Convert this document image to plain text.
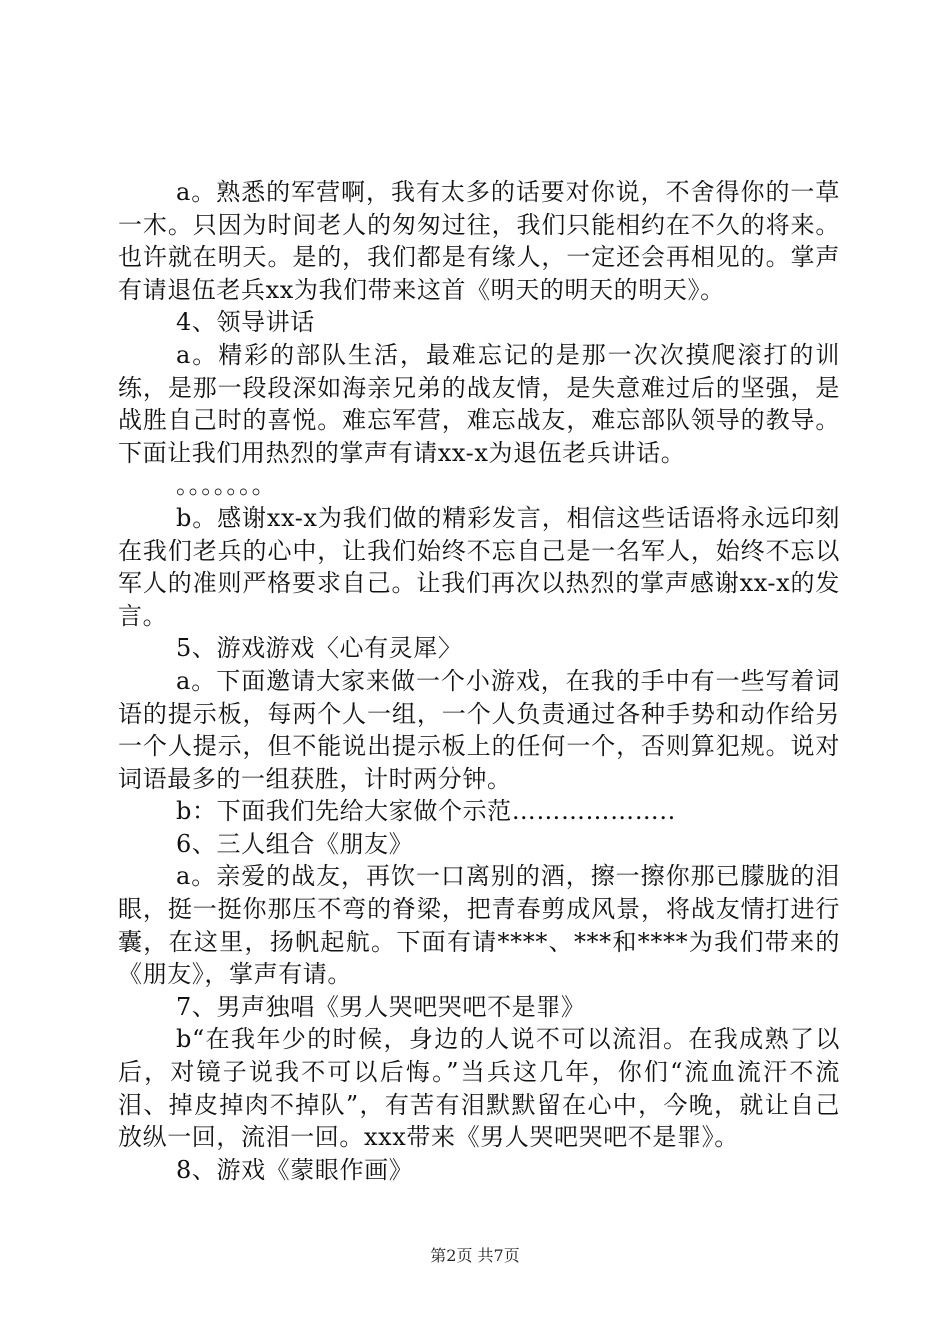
a。熟悉的军营啊，我有太多的话要对你说，不舍得你的一草一木。只因为时间老人的匆匆过往，我们只能相约在不久的将来。也许就在明天。是的，我们都是有缘人，一定还会再相见的。掌声有请退伍老兵xx为我们带来这首《明天的明天的明天》。

4、领导讲话

a。精彩的部队生活，最难忘记的是那一次次摸爬滚打的训练，是那一段段深如海亲兄弟的战友情，是失意难过后的坚强，是战胜自己时的喜悦。难忘军营，难忘战友，难忘部队领导的教导。下面让我们用热烈的掌声有请xx-x为退伍老兵讲话。

。。。。。。。

b。感谢xx-x为我们做的精彩发言，相信这些话语将永远印刻在我们老兵的心中，让我们始终不忘自己是一名军人，始终不忘以军人的准则严格要求自己。让我们再次以热烈的掌声感谢xx-x的发言。

5、游戏游戏〈心有灵犀〉

a。下面邀请大家来做一个小游戏，在我的手中有一些写着词语的提示板，每两个人一组，一个人负责通过各种手势和动作给另一个人提示，但不能说出提示板上的任何一个，否则算犯规。说对词语最多的一组获胜，计时两分钟。

b：下面我们先给大家做个示范………………..

6、三人组合《朋友》

a。亲爱的战友，再饮一口离别的酒，擦一擦你那已朦胧的泪眼，挺一挺你那压不弯的脊梁，把青春剪成风景，将战友情打进行囊，在这里，扬帆起航。下面有请****、***和****为我们带来的《朋友》，掌声有请。

7、男声独唱《男人哭吧哭吧不是罪》

b“在我年少的时候，身边的人说不可以流泪。在我成熟了以后，对镜子说我不可以后悔。”当兵这几年，你们“流血流汗不流泪、掉皮掉肉不掉队”，有苦有泪默默留在心中，今晚，就让自己放纵一回，流泪一回。xxx带来《男人哭吧哭吧不是罪》。

8、游戏《蒙眼作画》

第2页 共7页
